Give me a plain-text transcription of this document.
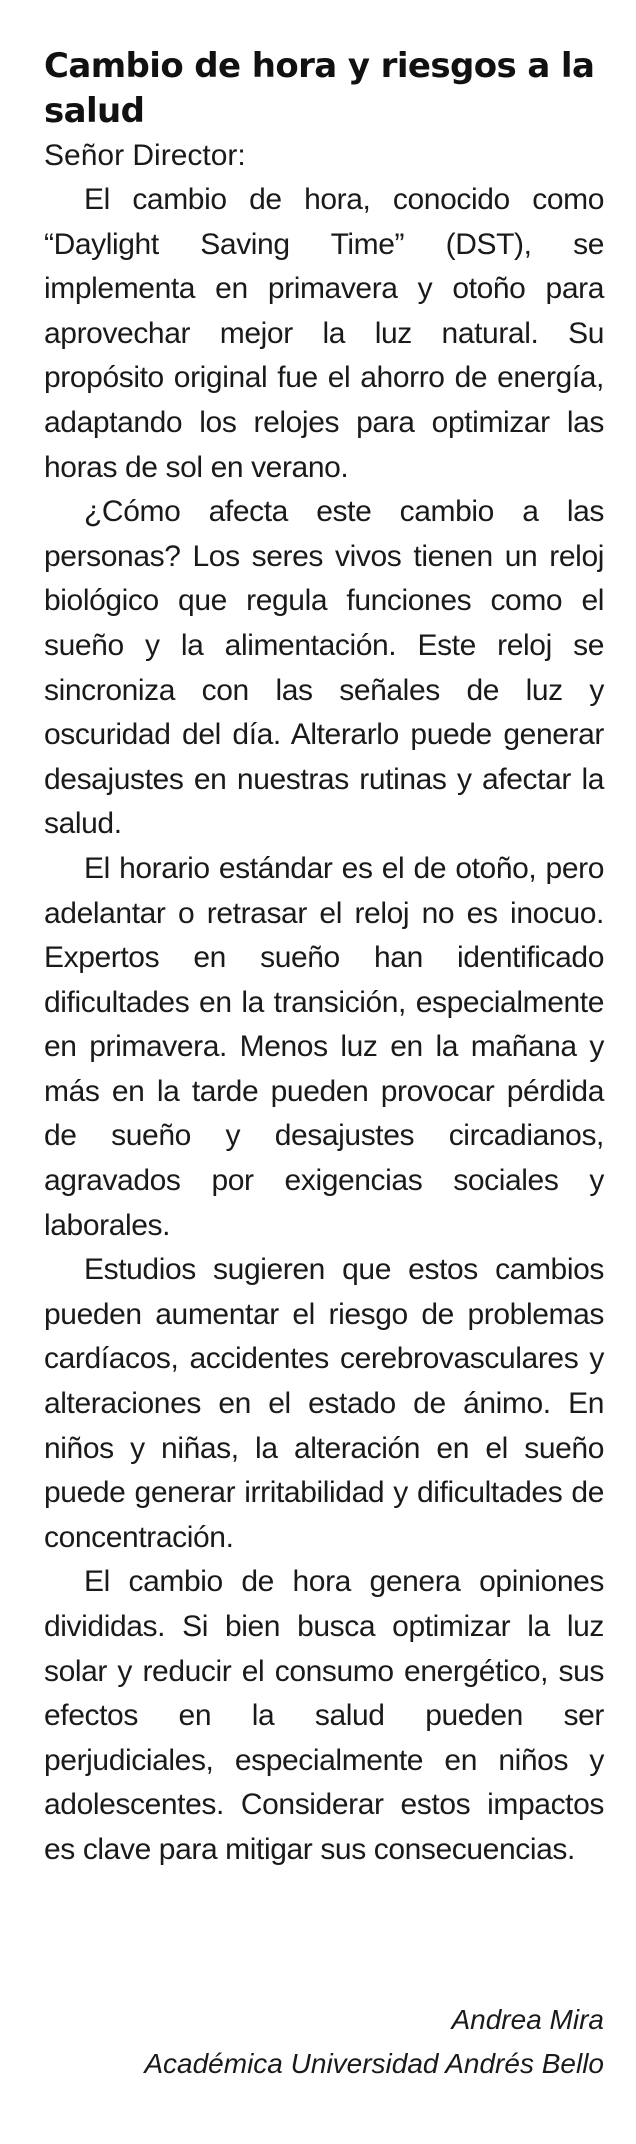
Cambio de hora y riesgos a la salud

Señor Director:

El cambio de hora, conocido como “Daylight Saving Time” (DST), se implementa en primavera y otoño para aprovechar mejor la luz natural. Su propósito original fue el ahorro de energía, adaptando los relojes para optimizar las horas de sol en verano.

¿Cómo afecta este cambio a las personas? Los seres vivos tienen un reloj biológico que regula funciones como el sueño y la alimentación. Este reloj se sincroniza con las señales de luz y oscuridad del día. Alterarlo puede generar desajustes en nuestras rutinas y afectar la salud.

El horario estándar es el de otoño, pero adelantar o retrasar el reloj no es inocuo. Expertos en sueño han identificado dificultades en la transición, especialmente en primavera. Menos luz en la mañana y más en la tarde pueden provocar pérdida de sueño y desajustes circadianos, agravados por exigencias sociales y laborales.

Estudios sugieren que estos cambios pueden aumentar el riesgo de problemas cardíacos, accidentes cerebrovasculares y alteraciones en el estado de ánimo. En niños y niñas, la alteración en el sueño puede generar irritabilidad y dificultades de concentración.

El cambio de hora genera opiniones divididas. Si bien busca optimizar la luz solar y reducir el consumo energético, sus efectos en la salud pueden ser perjudiciales, especialmente en niños y adolescentes. Considerar estos impactos es clave para mitigar sus consecuencias.

Andrea Mira
Académica Universidad Andrés Bello
